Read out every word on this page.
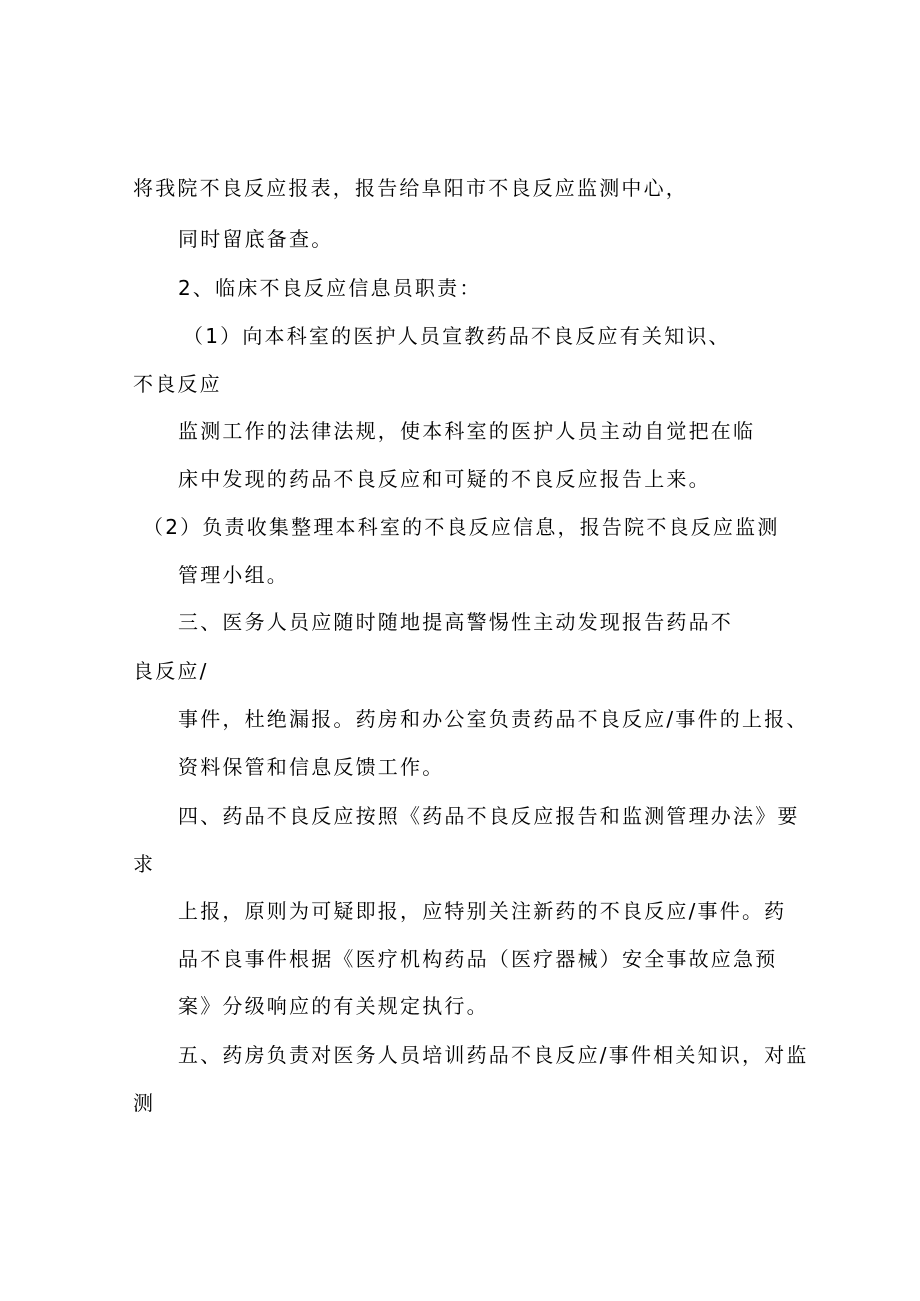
将我院不良反应报表，报告给阜阳市不良反应监测中心，

同时留底备查。

2、临床不良反应信息员职责：

（1）向本科室的医护人员宣教药品不良反应有关知识、

不良反应

监测工作的法律法规，使本科室的医护人员主动自觉把在临

床中发现的药品不良反应和可疑的不良反应报告上来。

（2）负责收集整理本科室的不良反应信息，报告院不良反应监测

管理小组。

三、医务人员应随时随地提高警惕性主动发现报告药品不

良反应/

事件，杜绝漏报。药房和办公室负责药品不良反应/事件的上报、

资料保管和信息反馈工作。

四、药品不良反应按照《药品不良反应报告和监测管理办法》要

求

上报，原则为可疑即报，应特别关注新药的不良反应/事件。药

品不良事件根据《医疗机构药品（医疗器械）安全事故应急预

案》分级响应的有关规定执行。

五、药房负责对医务人员培训药品不良反应/事件相关知识，对监

测
